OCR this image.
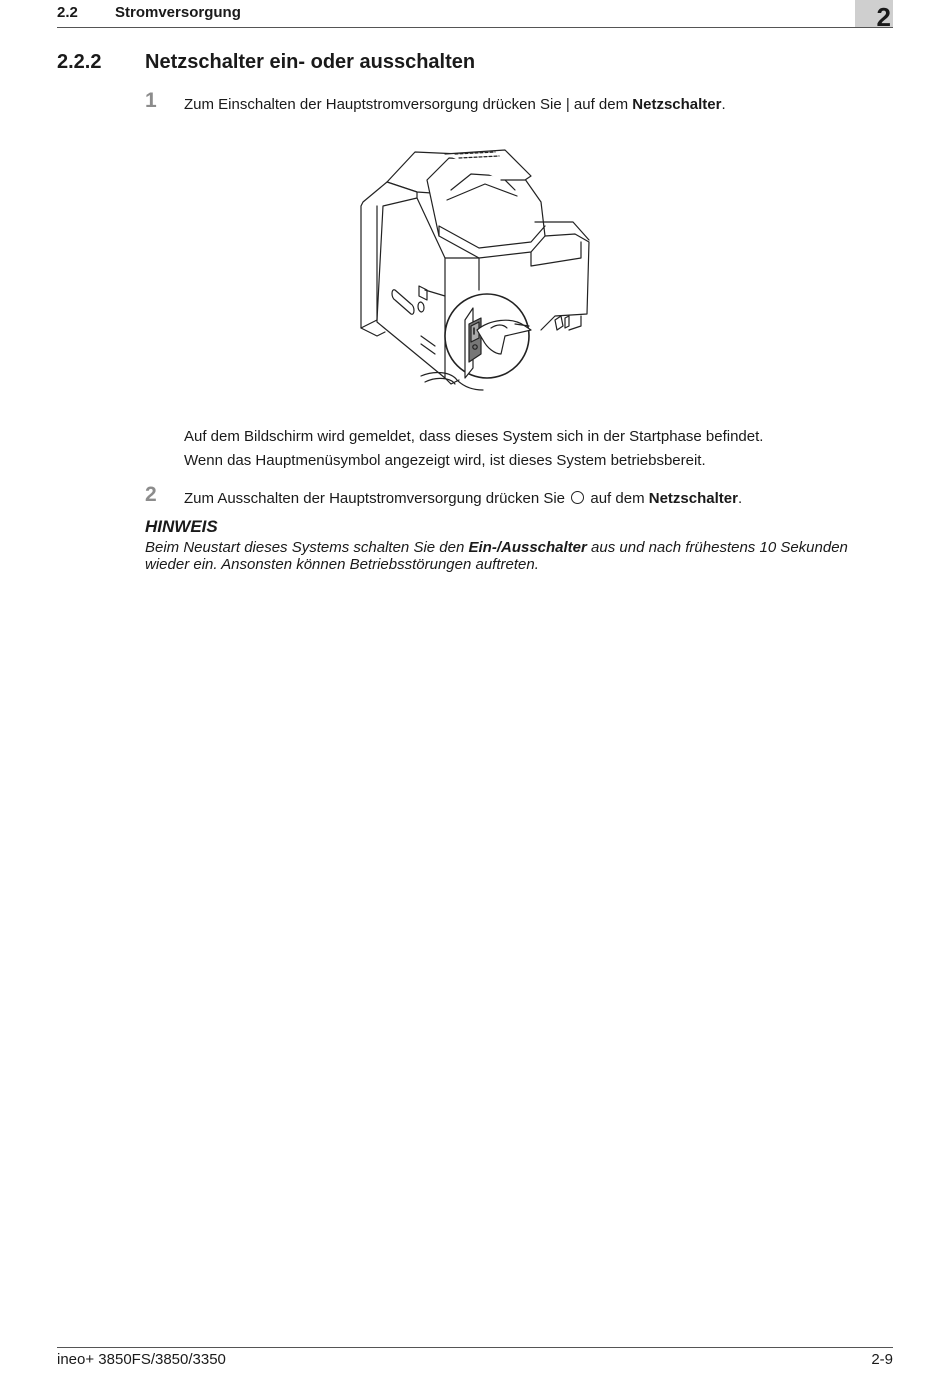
2.2 Stromversorgung	2
2.2.2 Netzschalter ein- oder ausschalten
1 Zum Einschalten der Hauptstromversorgung drücken Sie | auf dem Netzschalter.
Auf dem Bildschirm wird gemeldet, dass dieses System sich in der Startphase befindet.
Wenn das Hauptmenüsymbol angezeigt wird, ist dieses System betriebsbereit.
2 Zum Ausschalten der Hauptstromversorgung drücken Sie auf dem Netzschalter.
HINWEIS
Beim Neustart dieses Systems schalten Sie den Ein-/Ausschalter aus und nach frühestens 10 Sekunden wieder ein. Ansonsten können Betriebsstörungen auftreten.
ineo+ 3850FS/3850/3350	2-9
